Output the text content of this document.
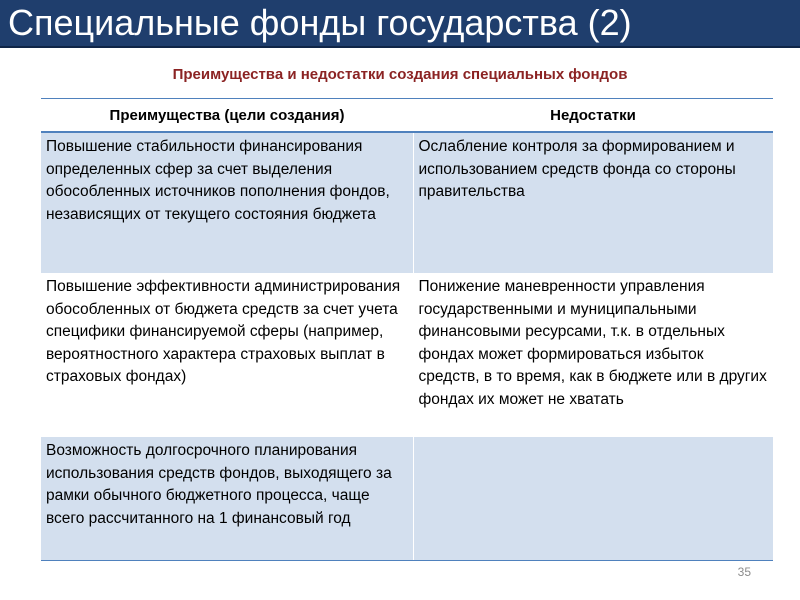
Специальные фонды государства (2)
Преимущества и недостатки создания специальных фондов
Преимущества (цели создания)	Недостатки
Повышение стабильности финансирования определенных сфер за счет выделения обособленных источников пополнения фондов, независящих от текущего состояния бюджета	Ослабление контроля за формированием и использованием средств фонда со стороны правительства
Повышение эффективности администрирования обособленных от бюджета средств за счет учета специфики финансируемой сферы (например, вероятностного характера страховых выплат в страховых фондах)	Понижение маневренности управления государственными и муниципальными финансовыми ресурсами, т.к. в отдельных фондах может формироваться избыток средств, в то время, как в бюджете или в других фондах их может не хватать
Возможность долгосрочного планирования использования средств фондов, выходящего за рамки обычного бюджетного процесса, чаще всего рассчитанного на 1 финансовый год	
35
